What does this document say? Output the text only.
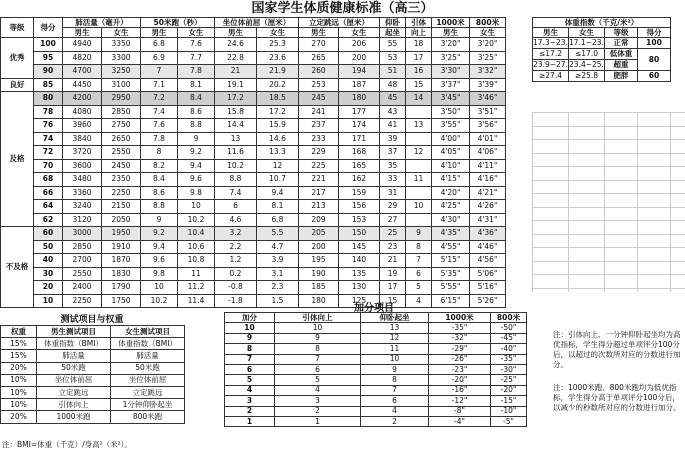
国家学生体质健康标准（高三）
等级	得分	肺活量（毫升）		50米跑（秒）		坐位体前屈（厘米）		立定跳远（厘米）		仰卧	引体	1000米	800米
		男生	女生	男生	女生	男生	女生	男生	女生	起坐	向上	男生	女生
优秀	100	4940	3350	6.8	7.6	24.6	25.3	270	206	55	18	3'20"	3'20"
	95	4820	3300	6.9	7.7	22.8	23.6	265	200	53	17	3'25"	3'25"
	90	4700	3250	7	7.8	21	21.9	260	194	51	16	3'30"	3'32"
良好	85	4450	3100	7.1	8.1	19.1	20.2	253	187	48	15	3'37"	3'39"
及格	80	4200	2950	7.2	8.4	17.2	18.5	245	180	45	14	3'45"	3'46"
	78	4080	2850	7.4	8.6	15.8	17.2	241	177	43		3'50"	3'51"
	76	3960	2750	7.6	8.8	14.4	15.9	237	174	41	13	3'55"	3'56"
	74	3840	2650	7.8	9	13	14.6	233	171	39		4'00"	4'01"
	72	3720	2550	8	9.2	11.6	13.3	229	168	37	12	4'05"	4'06"
	70	3600	2450	8.2	9.4	10.2	12	225	165	35		4'10"	4'11"
	68	3480	2350	8.4	9.6	8.8	10.7	221	162	33	11	4'15"	4'16"
	66	3360	2250	8.6	9.8	7.4	9.4	217	159	31		4'20"	4'21"
	64	3240	2150	8.8	10	6	8.1	213	156	29	10	4'25"	4'26"
	62	3120	2050	9	10.2	4.6	6.8	209	153	27		4'30"	4'31"
不及格	60	3000	1950	9.2	10.4	3.2	5.5	205	150	25	9	4'35"	4'36"
	50	2850	1910	9.4	10.6	2.2	4.7	200	145	23	8	4'55"	4'46"
	40	2700	1870	9.6	10.8	1.2	3.9	195	140	21	7	5'15"	4'56"
	30	2550	1830	9.8	11	0.2	3.1	190	135	19	6	5'35"	5'06"
	20	2400	1790	10	11.2	-0.8	2.3	185	130	17	5	5'55"	5'16"
	10	2250	1750	10.2	11.4	-1.8	1.5	180	125	15	4	6'15"	5'26"
体重指数（千克/米²）			
男生	女生	等级	得分
17.3~23.	17.1~23.	正常	100
≤17.2	≤17.0	低体重	80
23.9~27.	23.4~25.	超重	
≥27.4	≥25.8	肥胖	60
测试项目与权重
权重	男生测试项目	女生测试项目
15%	体重指数（BMI）	体重指数（BMI）
15%	肺活量	肺活量
20%	50米跑	50米跑
10%	坐位体前屈	坐位体前屈
10%	立定跳远	立定跳远
10%	引体向上	1分钟仰卧起坐
20%	1000米跑	800米跑
注：BMI=体重（千克）/身高²（米²）。
加分项目
加分	引体向上	仰卧起坐	1000米	800米
10	10	13	-35"	-50"
9	9	12	-32"	-45"
8	8	11	-29"	-40"
7	7	10	-26"	-35"
6	6	9	-23"	-30"
5	5	8	-20"	-25"
4	4	7	-16"	-20"
3	3	6	-12"	-15"
2	2	4	-8"	-10"
1	1	2	-4"	-5"
注：引体向上、一分钟仰卧起坐均为高优指标，学生得分超过单项评分100分后，以超过的次数所对应的分数进行加分。
注：1000米跑、800米跑均为低优指标，学生得分高于单项评分100分后，以减少的秒数所对应的分数进行加分。
